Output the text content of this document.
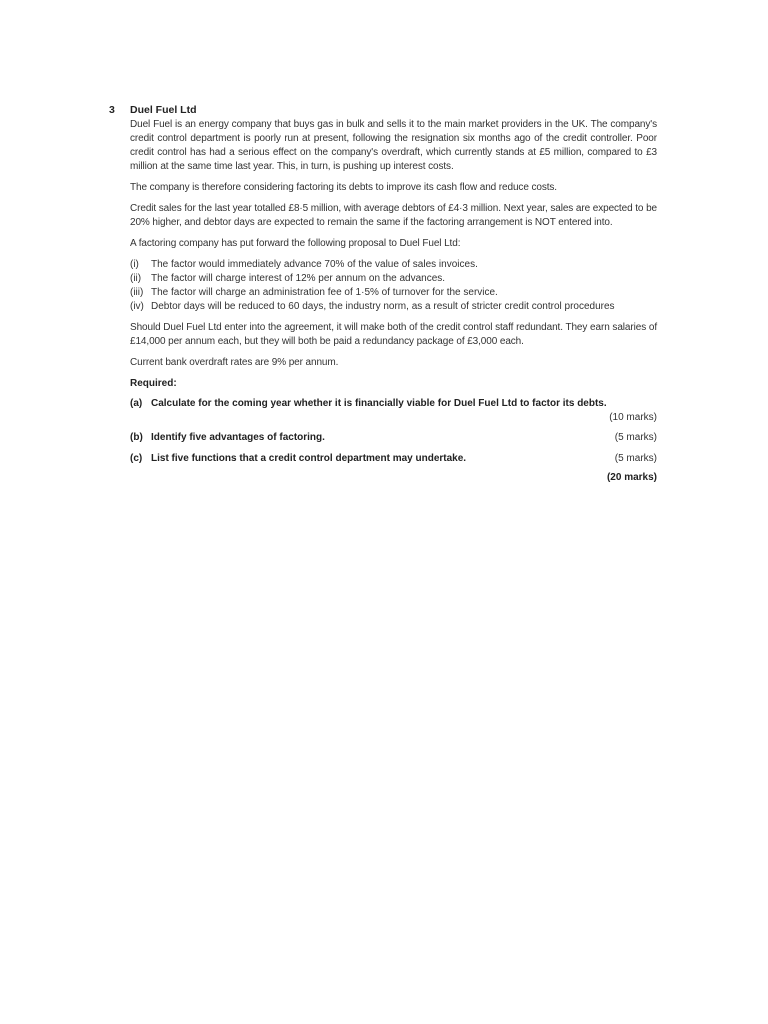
3 Duel Fuel Ltd

Duel Fuel is an energy company that buys gas in bulk and sells it to the main market providers in the UK. The company's credit control department is poorly run at present, following the resignation six months ago of the credit controller. Poor credit control has had a serious effect on the company's overdraft, which currently stands at £5 million, compared to £3 million at the same time last year. This, in turn, is pushing up interest costs.

The company is therefore considering factoring its debts to improve its cash flow and reduce costs.

Credit sales for the last year totalled £8·5 million, with average debtors of £4·3 million. Next year, sales are expected to be 20% higher, and debtor days are expected to remain the same if the factoring arrangement is NOT entered into.

A factoring company has put forward the following proposal to Duel Fuel Ltd:

(i)	The factor would immediately advance 70% of the value of sales invoices.
(ii) The factor will charge interest of 12% per annum on the advances.
(iii) The factor will charge an administration fee of 1·5% of turnover for the service.
(iv) Debtor days will be reduced to 60 days, the industry norm, as a result of stricter credit control procedures

Should Duel Fuel Ltd enter into the agreement, it will make both of the credit control staff redundant. They earn salaries of £14,000 per annum each, but they will both be paid a redundancy package of £3,000 each.

Current bank overdraft rates are 9% per annum.

Required:
(a) Calculate for the coming year whether it is financially viable for Duel Fuel Ltd to factor its debts.
(10 marks)
(b) Identify five advantages of factoring.	(5 marks)
(c) List five functions that a credit control department may undertake.	(5 marks)
(20 marks)
